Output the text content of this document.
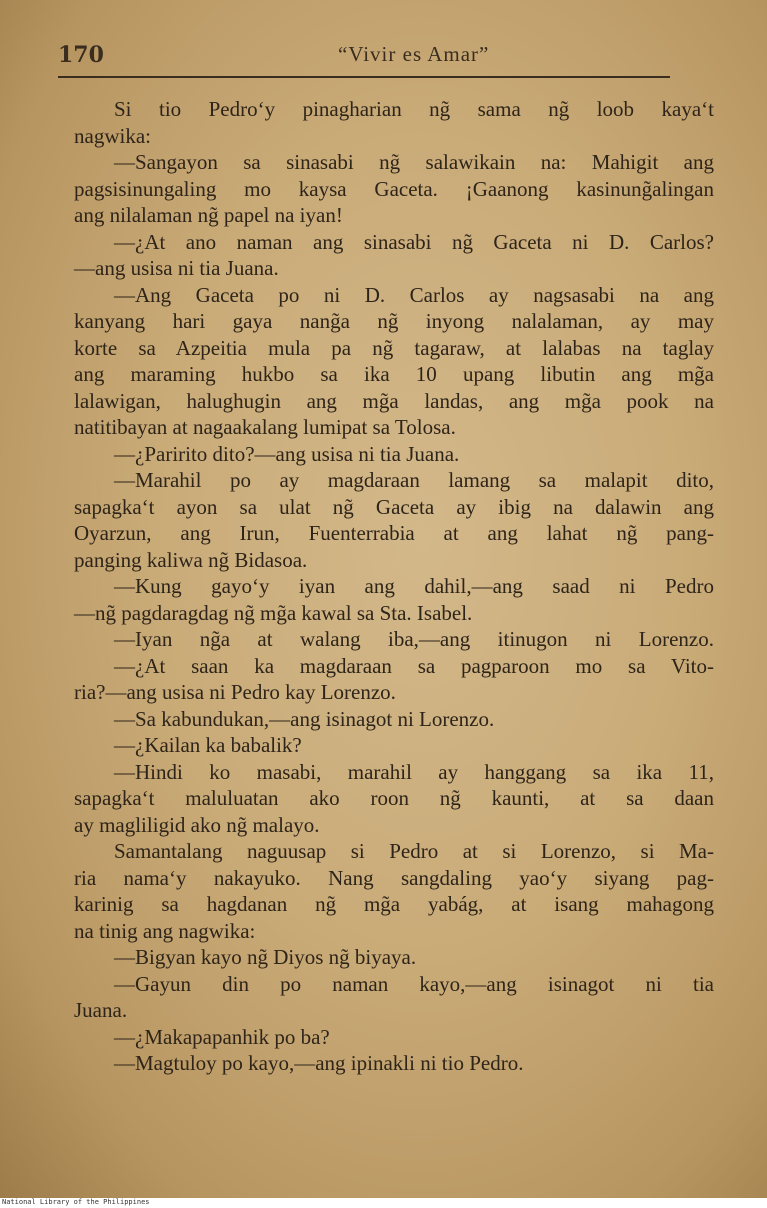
170	“Vivir es Amar”
Si tio Pedro‘y pinagharian ng̃ sama ng̃ loob kaya‘t
nagwika:
—Sangayon sa sinasabi ng̃ salawikain na: Mahigit ang
pagsisinungaling mo kaysa Gaceta. ¡Gaanong kasinung̃alingan
ang nilalaman ng̃ papel na iyan!
—¿At ano naman ang sinasabi ng̃ Gaceta ni D. Carlos?
—ang usisa ni tia Juana.
—Ang Gaceta po ni D. Carlos ay nagsasabi na ang
kanyang hari gaya nang̃a ng̃ inyong nalalaman, ay may
korte sa Azpeitia mula pa ng̃ tagaraw, at lalabas na taglay
ang maraming hukbo sa ika 10 upang libutin ang mg̃a
lalawigan, halughugin ang mg̃a landas, ang mg̃a pook na
natitibayan at nagaakalang lumipat sa Tolosa.
—¿Paririto dito?—ang usisa ni tia Juana.
—Marahil po ay magdaraan lamang sa malapit dito,
sapagka‘t ayon sa ulat ng̃ Gaceta ay ibig na dalawin ang
Oyarzun, ang Irun, Fuenterrabia at ang lahat ng̃ pang-
panging kaliwa ng̃ Bidasoa.
—Kung gayo‘y iyan ang dahil,—ang saad ni Pedro
—ng̃ pagdaragdag ng̃ mg̃a kawal sa Sta. Isabel.
—Iyan ng̃a at walang iba,—ang itinugon ni Lorenzo.
—¿At saan ka magdaraan sa pagparoon mo sa Vito-
ria?—ang usisa ni Pedro kay Lorenzo.
—Sa kabundukan,—ang isinagot ni Lorenzo.
—¿Kailan ka babalik?
—Hindi ko masabi, marahil ay hanggang sa ika 11,
sapagka‘t maluluatan ako roon ng̃ kaunti, at sa daan
ay magliligid ako ng̃ malayo.
Samantalang naguusap si Pedro at si Lorenzo, si Ma-
ria nama‘y nakayuko. Nang sangdaling yao‘y siyang pag-
karinig sa hagdanan ng̃ mg̃a yabág, at isang mahagong
na tinig ang nagwika:
—Bigyan kayo ng̃ Diyos ng̃ biyaya.
—Gayun din po naman kayo,—ang isinagot ni tia
Juana.
—¿Makapapanhik po ba?
—Magtuloy po kayo,—ang ipinakli ni tio Pedro.
National Library of the Philippines
